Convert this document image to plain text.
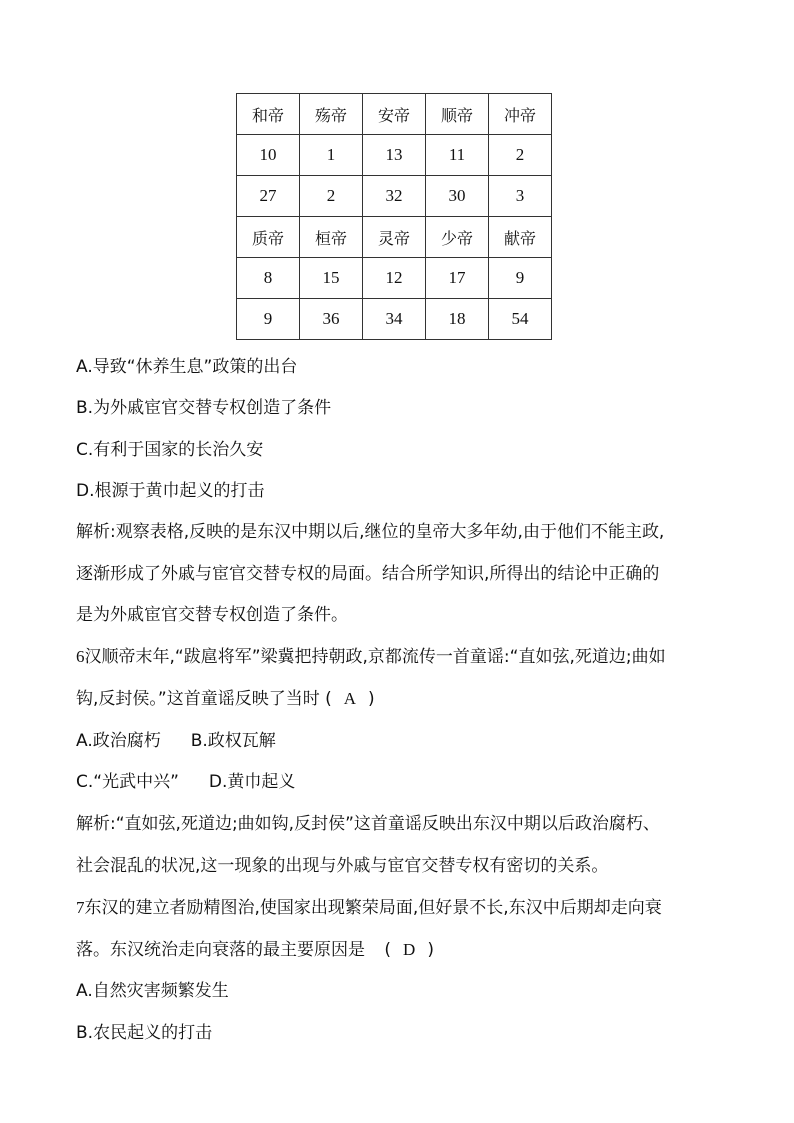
和帝	殇帝	安帝	顺帝	冲帝
10	1	13	11	2
27	2	32	30	3
质帝	桓帝	灵帝	少帝	献帝
8	15	12	17	9
9	36	34	18	54
A.导致“休养生息”政策的出台
B.为外戚宦官交替专权创造了条件
C.有利于国家的长治久安
D.根源于黄巾起义的打击
解析:观察表格,反映的是东汉中期以后,继位的皇帝大多年幼,由于他们不能主政,
逐渐形成了外戚与宦官交替专权的局面。结合所学知识,所得出的结论中正确的
是为外戚宦官交替专权创造了条件。
6汉顺帝末年,“跋扈将军”梁冀把持朝政,京都流传一首童谣:“直如弦,死道边;曲如
钩,反封侯。”这首童谣反映了当时 ( A )
A.政治腐朽 B.政权瓦解
C.“光武中兴” D.黄巾起义
解析:“直如弦,死道边;曲如钩,反封侯”这首童谣反映出东汉中期以后政治腐朽、
社会混乱的状况,这一现象的出现与外戚与宦官交替专权有密切的关系。
7东汉的建立者励精图治,使国家出现繁荣局面,但好景不长,东汉中后期却走向衰
落。东汉统治走向衰落的最主要原因是 ( D )
A.自然灾害频繁发生
B.农民起义的打击
